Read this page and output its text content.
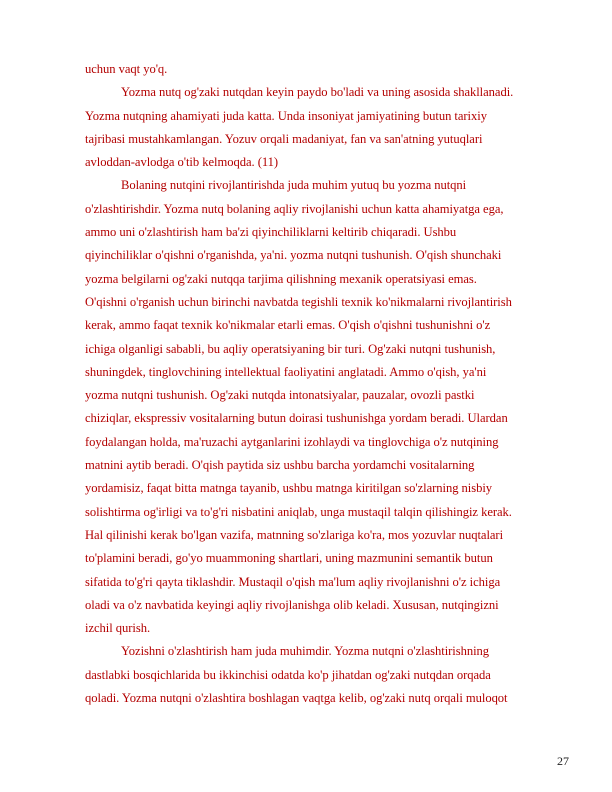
uchun vaqt yo'q.

Yozma nutq og'zaki nutqdan keyin paydo bo'ladi va uning asosida shakllanadi.
Yozma nutqning ahamiyati juda katta. Unda insoniyat jamiyatining butun tarixiy
tajribasi mustahkamlangan. Yozuv orqali madaniyat, fan va san'atning yutuqlari
avloddan-avlodga o'tib kelmoqda. (11)

Bolaning nutqini rivojlantirishda juda muhim yutuq bu yozma nutqni
o'zlashtirishdir. Yozma nutq bolaning aqliy rivojlanishi uchun katta ahamiyatga ega,
ammo uni o'zlashtirish ham ba'zi qiyinchiliklarni keltirib chiqaradi. Ushbu
qiyinchiliklar o'qishni o'rganishda, ya'ni. yozma nutqni tushunish. O'qish shunchaki
yozma belgilarni og'zaki nutqqa tarjima qilishning mexanik operatsiyasi emas.
O'qishni o'rganish uchun birinchi navbatda tegishli texnik ko'nikmalarni rivojlantirish
kerak, ammo faqat texnik ko'nikmalar etarli emas. O'qish o'qishni tushunishni o'z
ichiga olganligi sababli, bu aqliy operatsiyaning bir turi. Og'zaki nutqni tushunish,
shuningdek, tinglovchining intellektual faoliyatini anglatadi. Ammo o'qish, ya'ni
yozma nutqni tushunish. Og'zaki nutqda intonatsiyalar, pauzalar, ovozli pastki
chiziqlar, ekspressiv vositalarning butun doirasi tushunishga yordam beradi. Ulardan
foydalangan holda, ma'ruzachi aytganlarini izohlaydi va tinglovchiga o'z nutqining
matnini aytib beradi. O'qish paytida siz ushbu barcha yordamchi vositalarning
yordamisiz, faqat bitta matnga tayanib, ushbu matnga kiritilgan so'zlarning nisbiy
solishtirma og'irligi va to'g'ri nisbatini aniqlab, unga mustaqil talqin qilishingiz kerak.
Hal qilinishi kerak bo'lgan vazifa, matnning so'zlariga ko'ra, mos yozuvlar nuqtalari
to'plamini beradi, go'yo muammoning shartlari, uning mazmunini semantik butun
sifatida to'g'ri qayta tiklashdir. Mustaqil o'qish ma'lum aqliy rivojlanishni o'z ichiga
oladi va o'z navbatida keyingi aqliy rivojlanishga olib keladi. Xususan, nutqingizni
izchil qurish.

Yozishni o'zlashtirish ham juda muhimdir. Yozma nutqni o'zlashtirishning
dastlabki bosqichlarida bu ikkinchisi odatda ko'p jihatdan og'zaki nutqdan orqada
qoladi. Yozma nutqni o'zlashtira boshlagan vaqtga kelib, og'zaki nutq orqali muloqot

27
